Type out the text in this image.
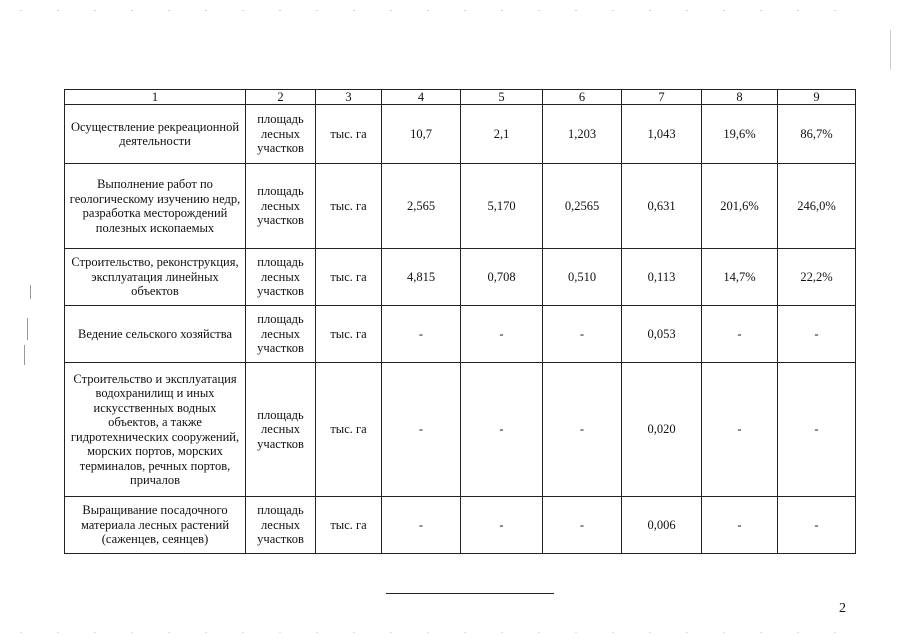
1	2	3	4	5	6	7	8	9
Осуществление рекреационной деятельности	площадь лесных участков	тыс. га	10,7	2,1	1,203	1,043	19,6%	86,7%
Выполнение работ по геологическому изучению недр, разработка месторождений полезных ископаемых	площадь лесных участков	тыс. га	2,565	5,170	0,2565	0,631	201,6%	246,0%
Строительство, реконструкция, эксплуатация линейных объектов	площадь лесных участков	тыс. га	4,815	0,708	0,510	0,113	14,7%	22,2%
Ведение сельского хозяйства	площадь лесных участков	тыс. га	-	-	-	0,053	-	-
Строительство и эксплуатация водохранилищ и иных искусственных водных объектов, а также гидротехнических сооружений, морских портов, морских терминалов, речных портов, причалов	площадь лесных участков	тыс. га	-	-	-	0,020	-	-
Выращивание посадочного материала лесных растений (саженцев, сеянцев)	площадь лесных участков	тыс. га	-	-	-	0,006	-	-
2
